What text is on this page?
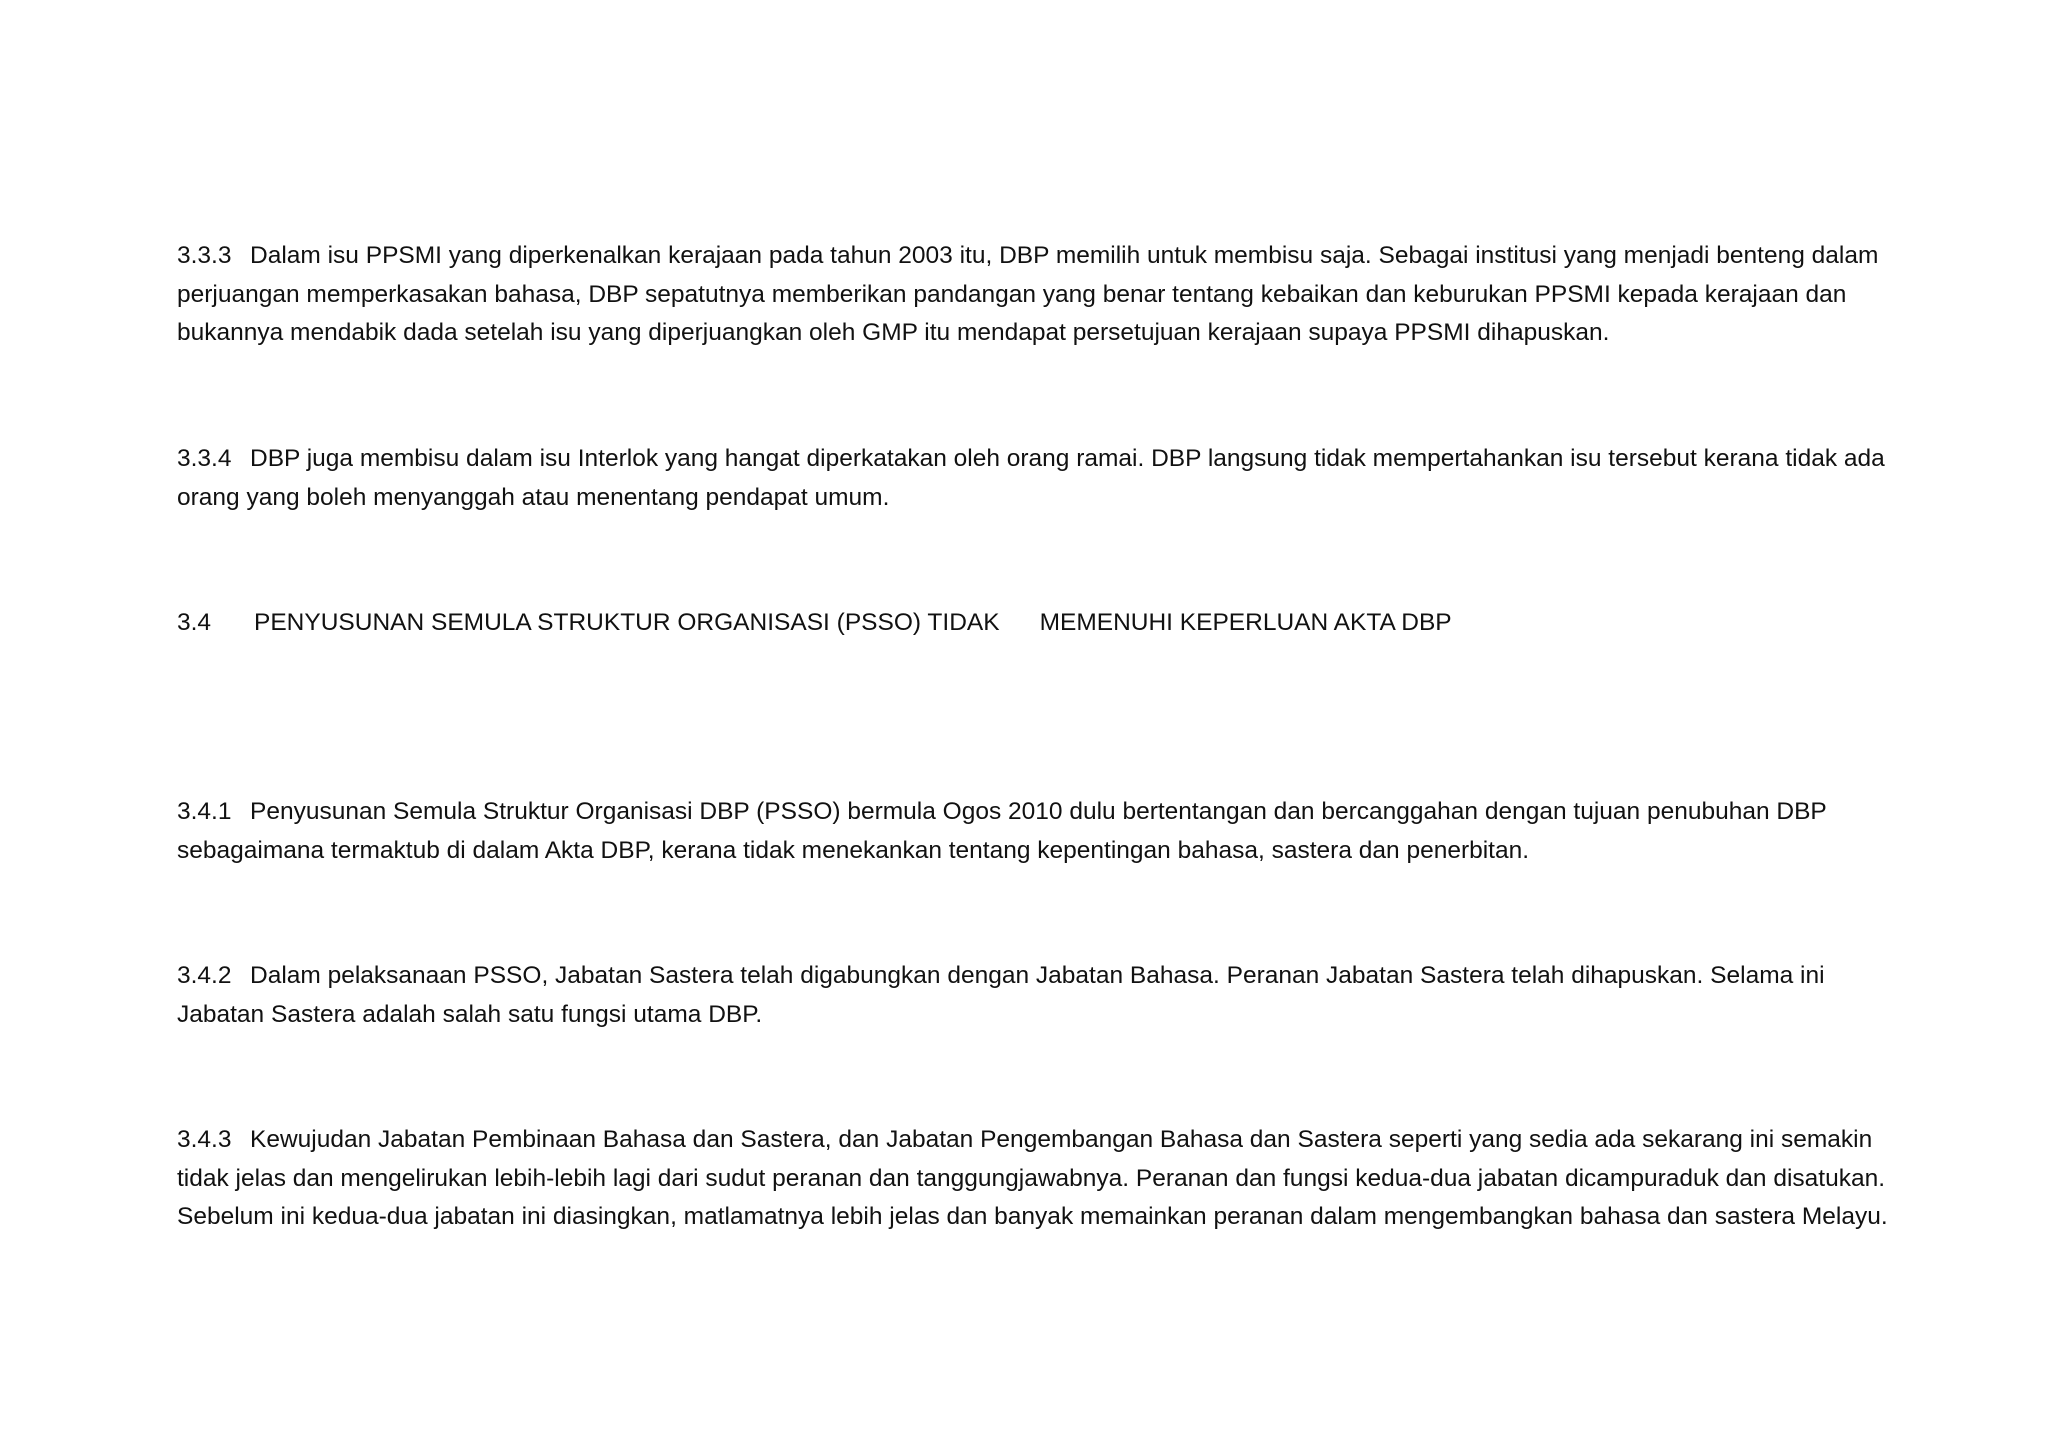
3.3.3 Dalam isu PPSMI yang diperkenalkan kerajaan pada tahun 2003 itu, DBP memilih untuk membisu saja. Sebagai institusi yang menjadi benteng dalam perjuangan memperkasakan bahasa, DBP sepatutnya memberikan pandangan yang benar tentang kebaikan dan keburukan PPSMI kepada kerajaan dan bukannya mendabik dada setelah isu yang diperjuangkan oleh GMP itu mendapat persetujuan kerajaan supaya PPSMI dihapuskan.

3.3.4 DBP juga membisu dalam isu Interlok yang hangat diperkatakan oleh orang ramai. DBP langsung tidak mempertahankan isu tersebut kerana tidak ada orang yang boleh menyanggah atau menentang pendapat umum.

3.4 PENYUSUNAN SEMULA STRUKTUR ORGANISASI (PSSO) TIDAK MEMENUHI KEPERLUAN AKTA DBP

3.4.1 Penyusunan Semula Struktur Organisasi DBP (PSSO) bermula Ogos 2010 dulu bertentangan dan bercanggahan dengan tujuan penubuhan DBP sebagaimana termaktub di dalam Akta DBP, kerana tidak menekankan tentang kepentingan bahasa, sastera dan penerbitan.

3.4.2 Dalam pelaksanaan PSSO, Jabatan Sastera telah digabungkan dengan Jabatan Bahasa. Peranan Jabatan Sastera telah dihapuskan. Selama ini Jabatan Sastera adalah salah satu fungsi utama DBP.

3.4.3 Kewujudan Jabatan Pembinaan Bahasa dan Sastera, dan Jabatan Pengembangan Bahasa dan Sastera seperti yang sedia ada sekarang ini semakin tidak jelas dan mengelirukan lebih-lebih lagi dari sudut peranan dan tanggungjawabnya. Peranan dan fungsi kedua-dua jabatan dicampuraduk dan disatukan. Sebelum ini kedua-dua jabatan ini diasingkan, matlamatnya lebih jelas dan banyak memainkan peranan dalam mengembangkan bahasa dan sastera Melayu.
